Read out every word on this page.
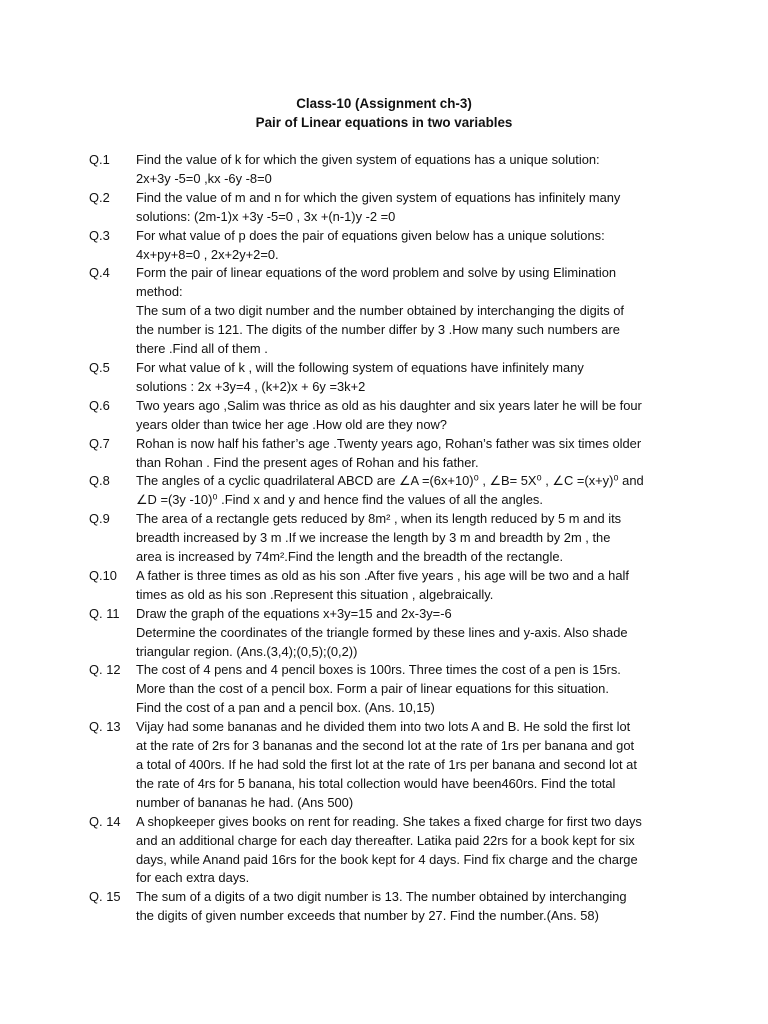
Class-10 (Assignment ch-3)
Pair of Linear equations in two variables
Q.1 Find the value of k for which the given system of equations has a unique solution:
2x+3y -5=0 ,kx -6y -8=0
Q.2 Find the value of m and n for which the given system of equations has infinitely many
solutions: (2m-1)x +3y -5=0 , 3x +(n-1)y -2 =0
Q.3 For what value of p does the pair of equations given below has a unique solutions:
4x+py+8=0 , 2x+2y+2=0.
Q.4 Form the pair of linear equations of the word problem and solve by using Elimination
method:
The sum of a two digit number and the number obtained by interchanging the digits of
the number is 121. The digits of the number differ by 3 .How many such numbers are
there .Find all of them .
Q.5 For what value of k , will the following system of equations have infinitely many
solutions : 2x +3y=4 , (k+2)x + 6y =3k+2
Q.6 Two years ago ,Salim was thrice as old as his daughter and six years later he will be four
years older than twice her age .How old are they now?
Q.7 Rohan is now half his father’s age .Twenty years ago, Rohan’s father was six times older
than Rohan . Find the present ages of Rohan and his father.
Q.8 The angles of a cyclic quadrilateral ABCD are ∠A =(6x+10)⁰ , ∠B= 5X⁰ , ∠C =(x+y)⁰ and
∠D =(3y -10)⁰ .Find x and y and hence find the values of all the angles.
Q.9 The area of a rectangle gets reduced by 8m² , when its length reduced by 5 m and its
breadth increased by 3 m .If we increase the length by 3 m and breadth by 2m , the
area is increased by 74m².Find the length and the breadth of the rectangle.
Q.10 A father is three times as old as his son .After five years , his age will be two and a half
times as old as his son .Represent this situation , algebraically.
Q. 11 Draw the graph of the equations x+3y=15 and 2x-3y=-6
Determine the coordinates of the triangle formed by these lines and y-axis. Also shade
triangular region. (Ans.(3,4);(0,5);(0,2))
Q. 12 The cost of 4 pens and 4 pencil boxes is 100rs. Three times the cost of a pen is 15rs.
More than the cost of a pencil box. Form a pair of linear equations for this situation.
Find the cost of a pan and a pencil box. (Ans. 10,15)
Q. 13 Vijay had some bananas and he divided them into two lots A and B. He sold the first lot
at the rate of 2rs for 3 bananas and the second lot at the rate of 1rs per banana and got
a total of 400rs. If he had sold the first lot at the rate of 1rs per banana and second lot at
the rate of 4rs for 5 banana, his total collection would have been460rs. Find the total
number of bananas he had. (Ans 500)
Q. 14 A shopkeeper gives books on rent for reading. She takes a fixed charge for first two days
and an additional charge for each day thereafter. Latika paid 22rs for a book kept for six
days, while Anand paid 16rs for the book kept for 4 days. Find fix charge and the charge
for each extra days.
Q. 15 The sum of a digits of a two digit number is 13. The number obtained by interchanging
the digits of given number exceeds that number by 27. Find the number.(Ans. 58)
